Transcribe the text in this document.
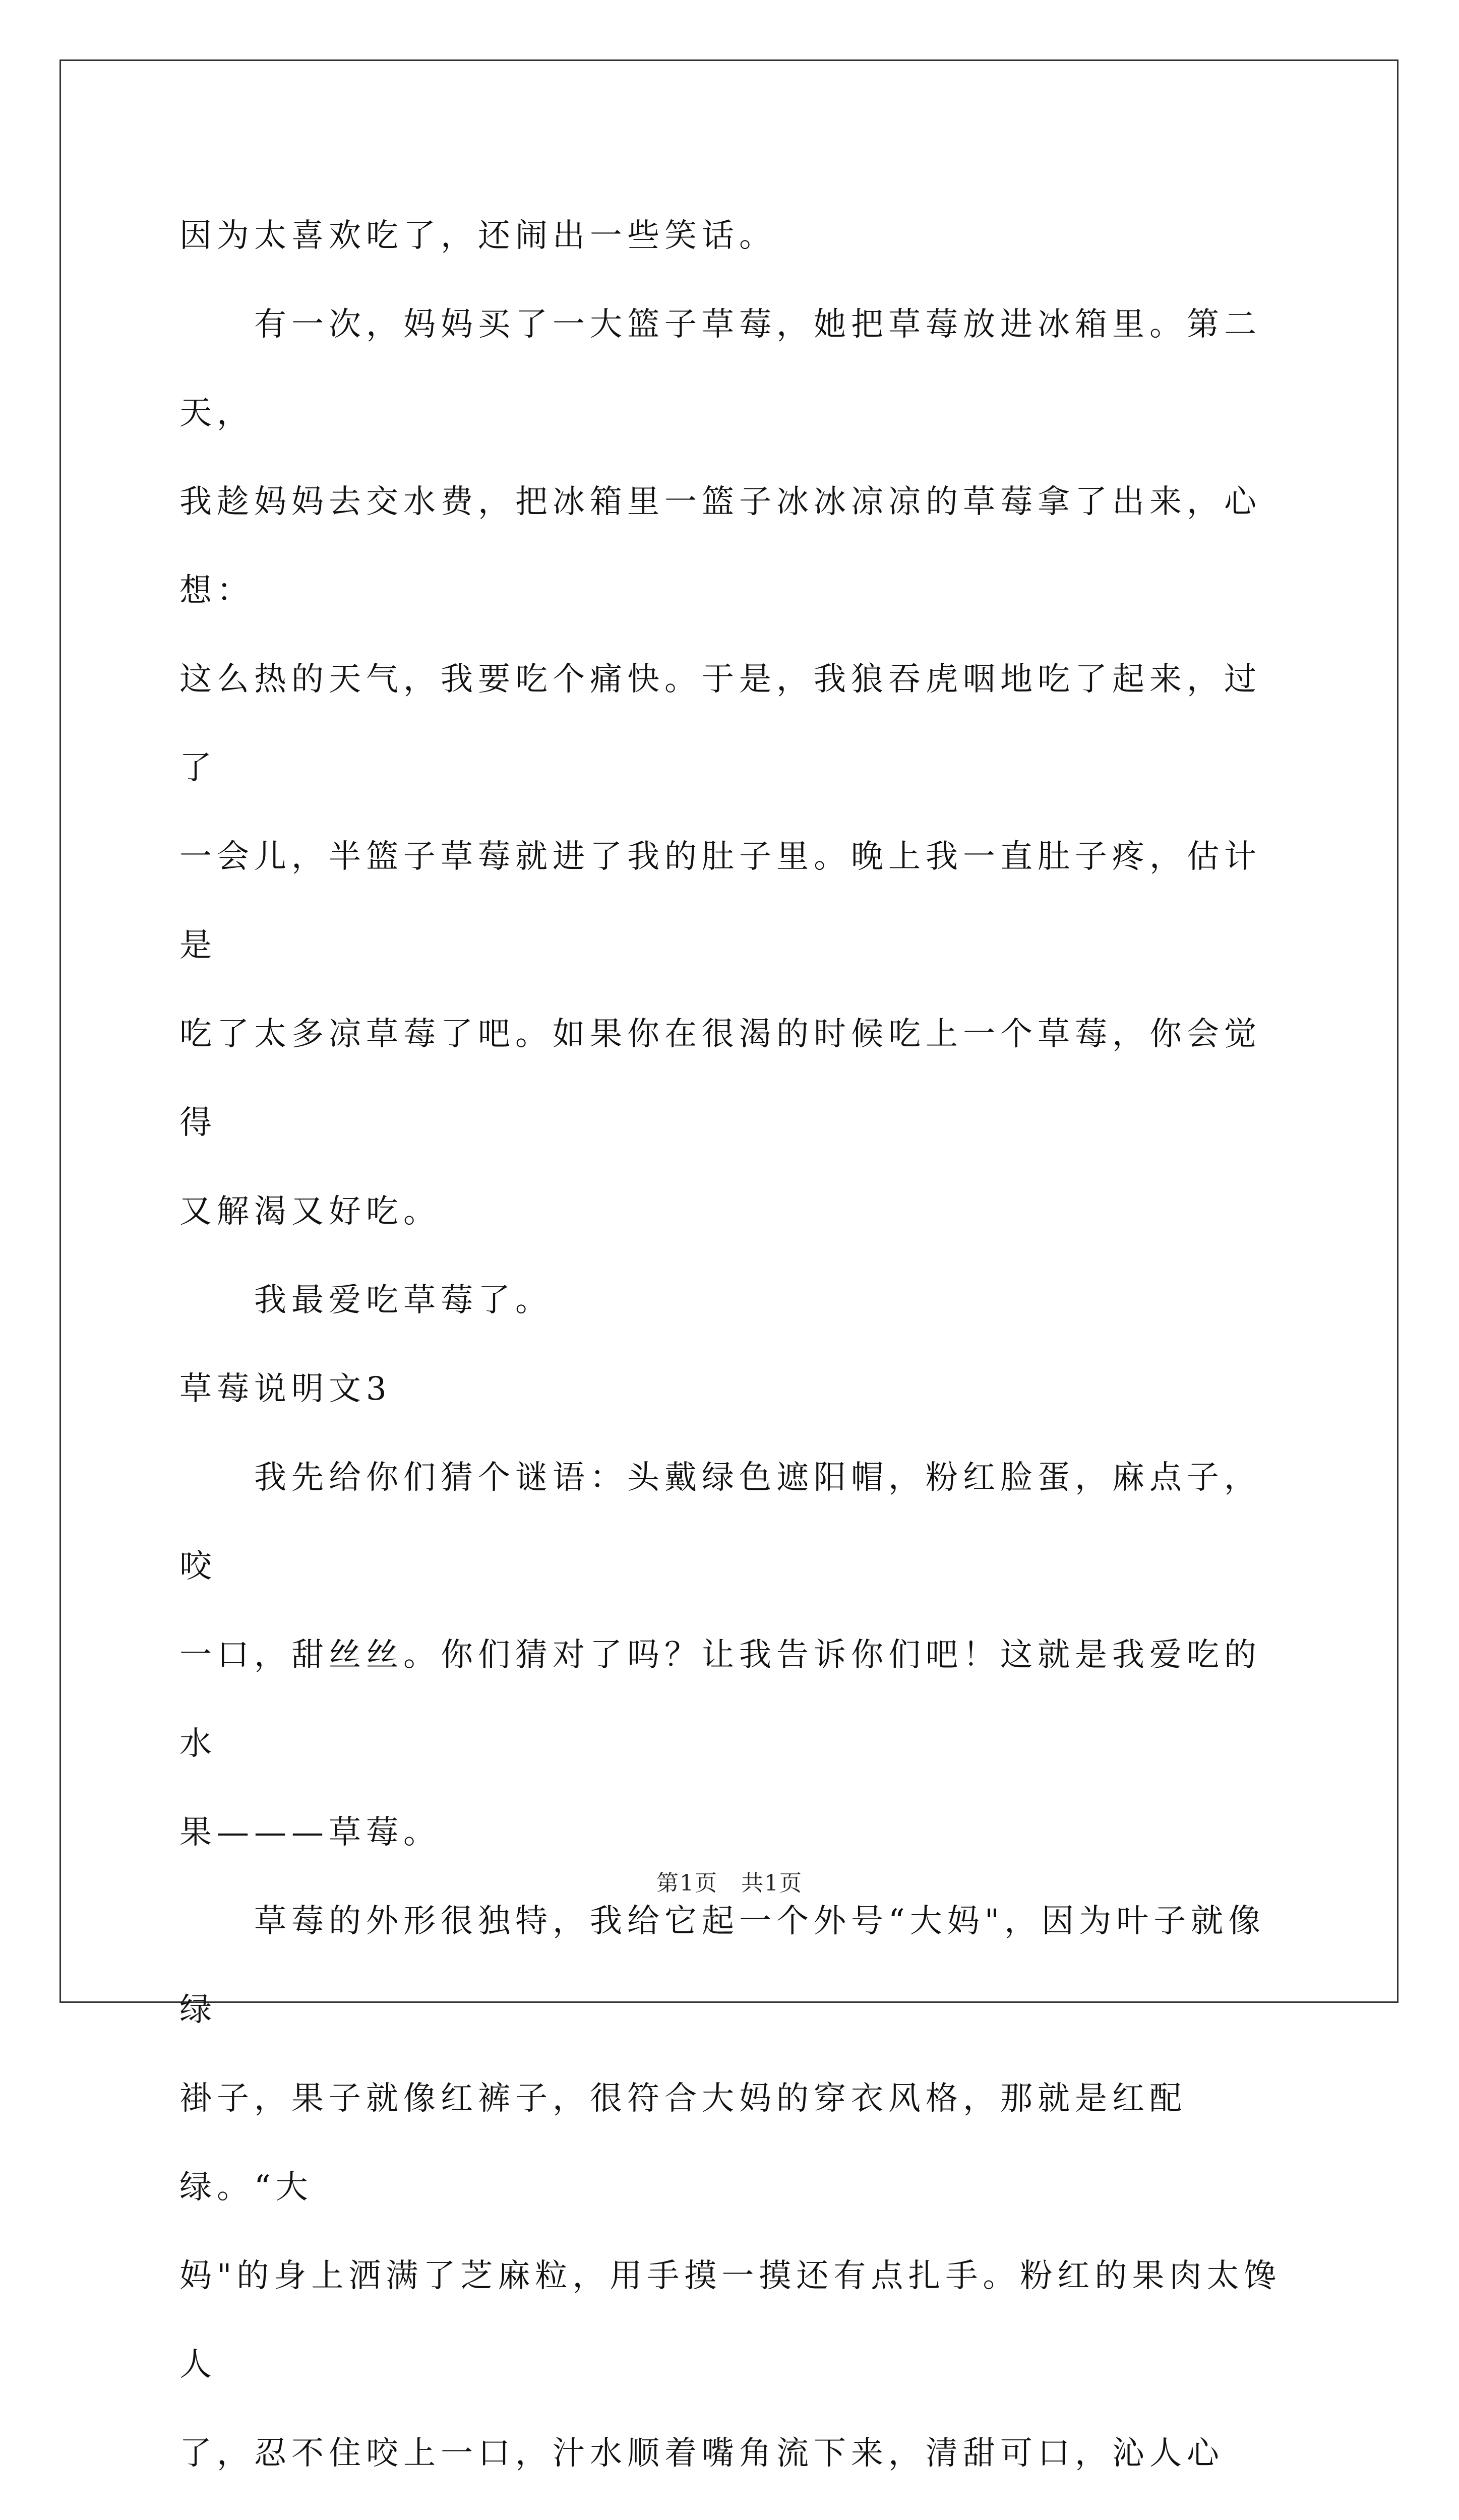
因为太喜欢吃了，还闹出一些笑话。

　　有一次，妈妈买了一大篮子草莓，她把草莓放进冰箱里。第二天，

我趁妈妈去交水费，把冰箱里一篮子冰冰凉凉的草莓拿了出来，心想：

这么热的天气，我要吃个痛快。于是，我狼吞虎咽地吃了起来，过了

一会儿，半篮子草莓就进了我的肚子里。晚上我一直肚子疼，估计是

吃了太多凉草莓了吧。如果你在很渴的时候吃上一个草莓，你会觉得

又解渴又好吃。

　　我最爱吃草莓了。

草莓说明文3

　　我先给你们猜个谜语：头戴绿色遮阳帽，粉红脸蛋，麻点子，咬

一口，甜丝丝。你们猜对了吗？让我告诉你们吧！这就是我爱吃的水

果———草莓。

　　草莓的外形很独特，我给它起一个外号“大妈"，因为叶子就像绿

褂子，果子就像红裤子，很符合大妈的穿衣风格，那就是红配绿。“大

妈"的身上洒满了芝麻粒，用手摸一摸还有点扎手。粉红的果肉太馋人

了，忍不住咬上一口，汁水顺着嘴角流下来，清甜可口，沁人心

第1页　共1页
